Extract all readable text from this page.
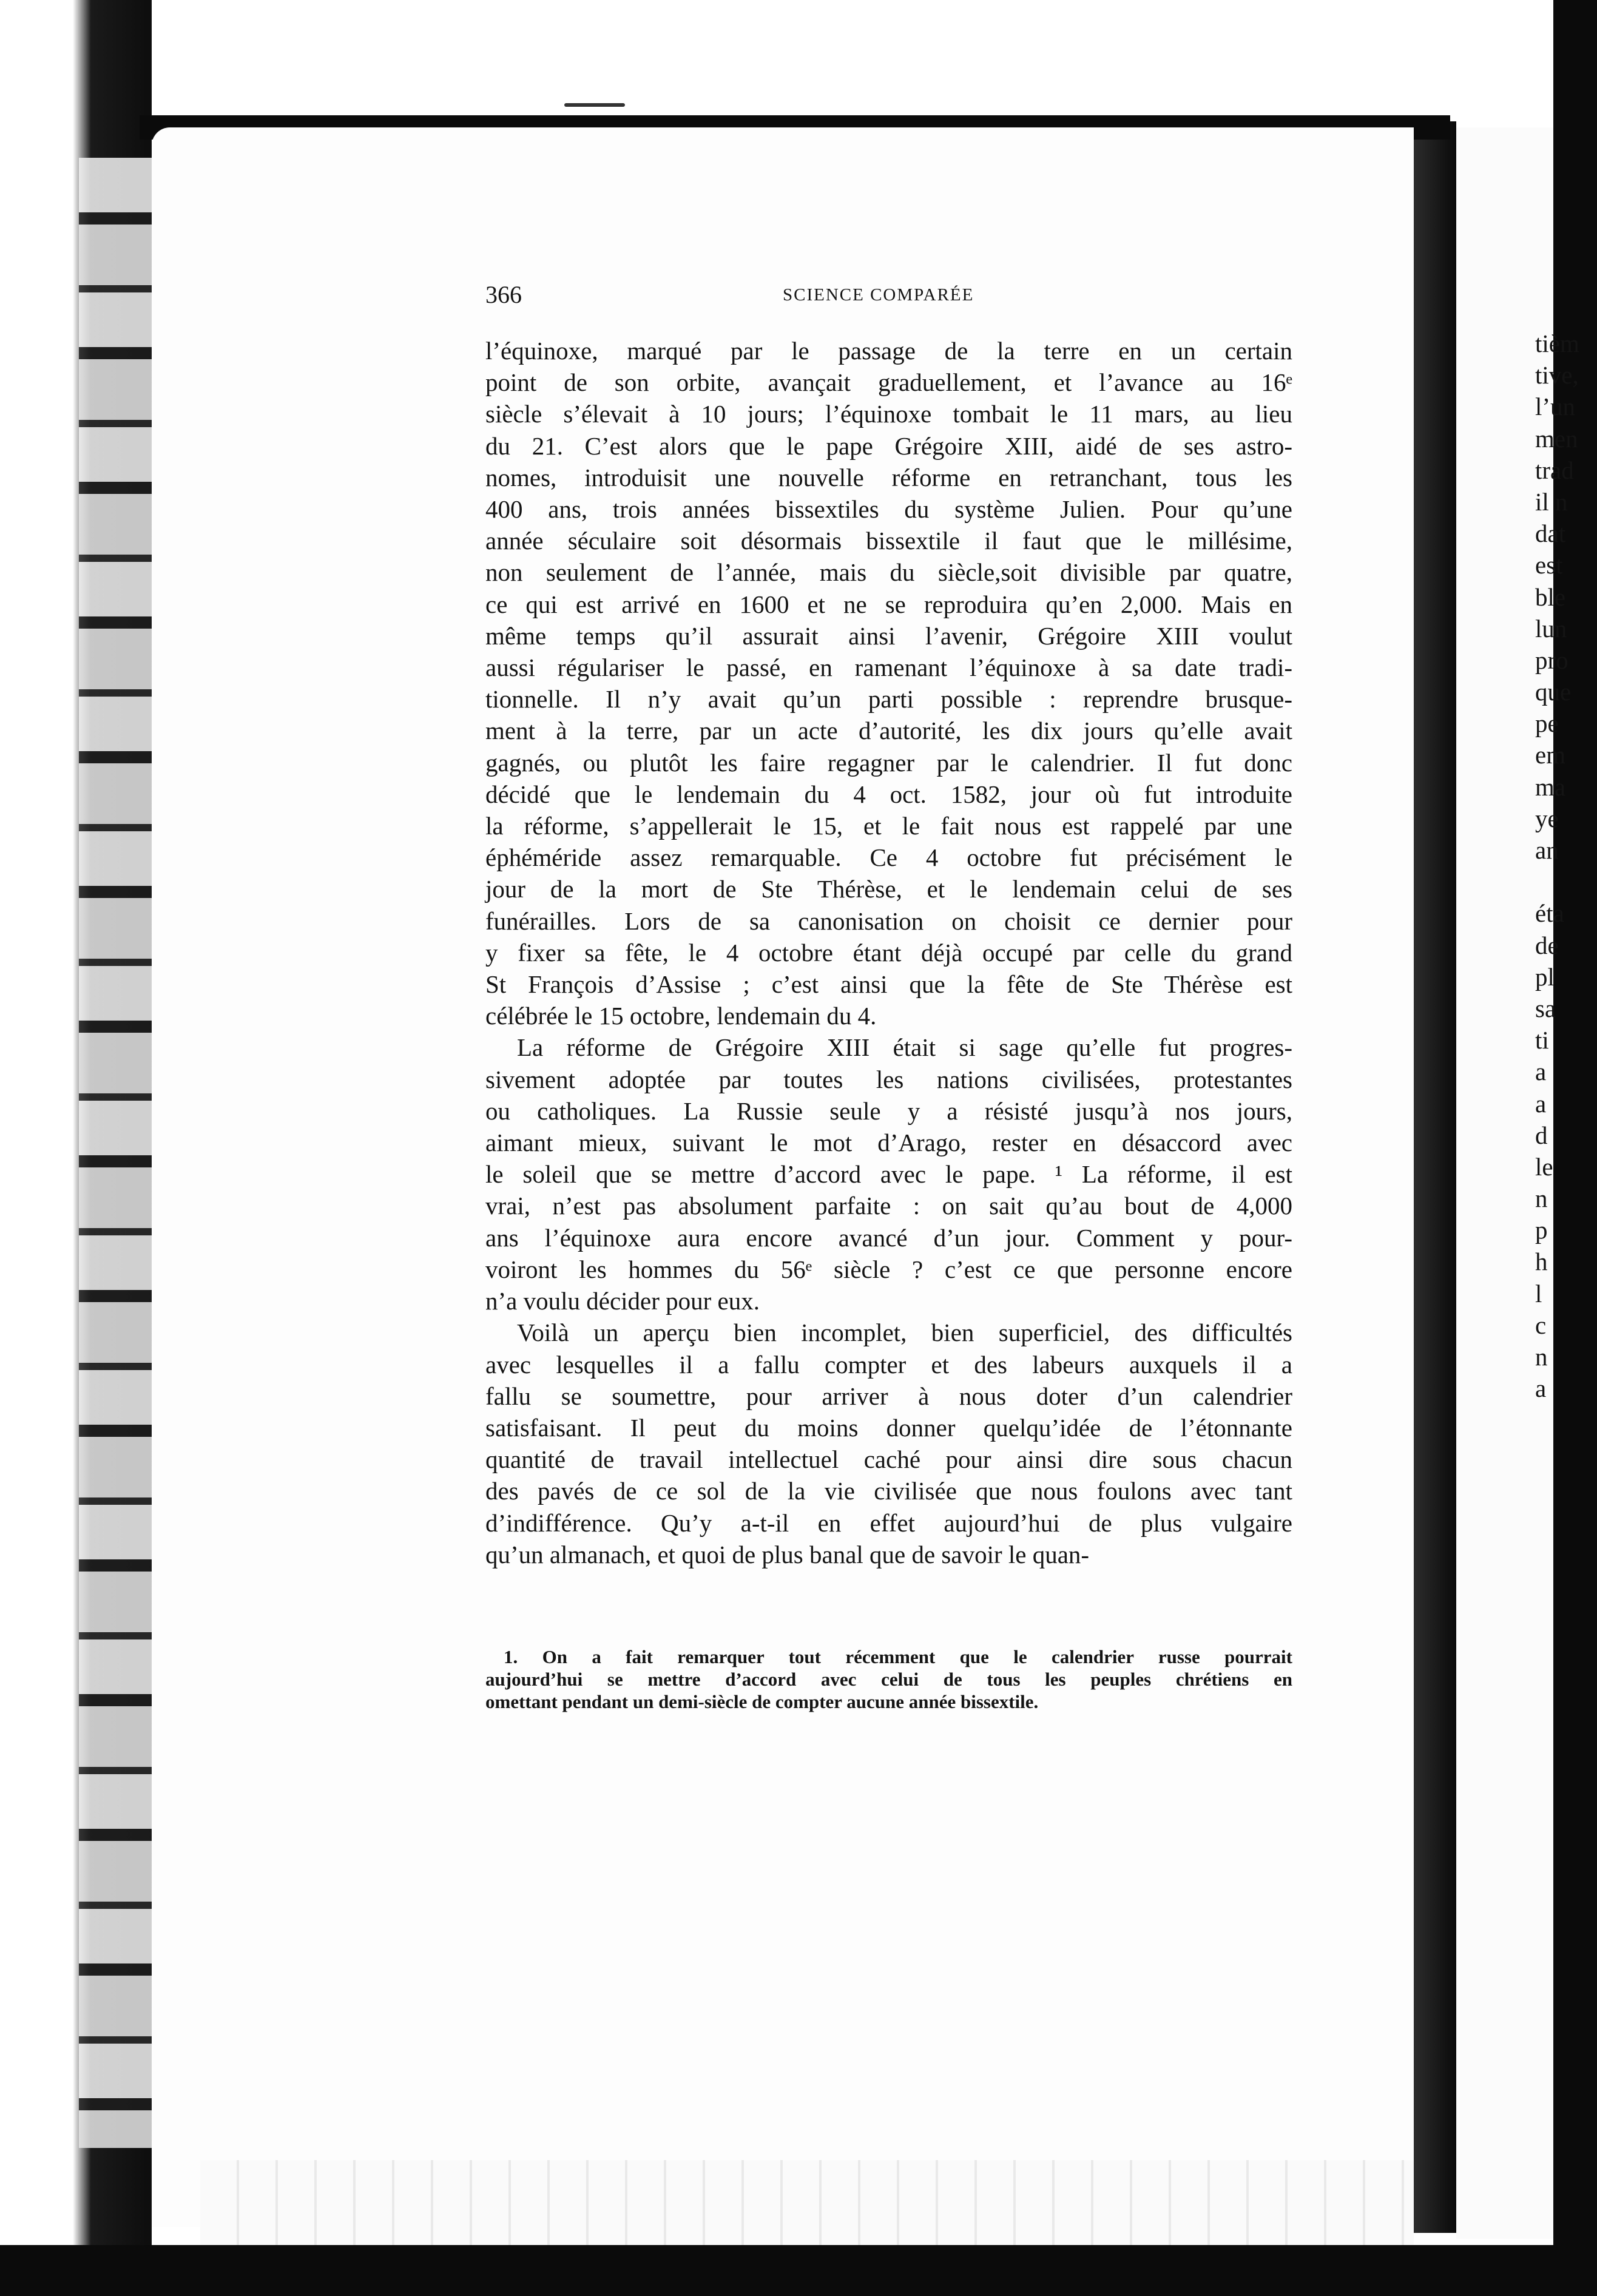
366	SCIENCE COMPARÉE
l’équinoxe, marqué par le passage de la terre en un certain
point de son orbite, avançait graduellement, et l’avance au 16ᵉ
siècle s’élevait à 10 jours; l’équinoxe tombait le 11 mars, au lieu
du 21. C’est alors que le pape Grégoire XIII, aidé de ses astro-
nomes, introduisit une nouvelle réforme en retranchant, tous les
400 ans, trois années bissextiles du système Julien. Pour qu’une
année séculaire soit désormais bissextile il faut que le millésime,
non seulement de l’année, mais du siècle,soit divisible par quatre,
ce qui est arrivé en 1600 et ne se reproduira qu’en 2,000. Mais en
même temps qu’il assurait ainsi l’avenir, Grégoire XIII voulut
aussi régulariser le passé, en ramenant l’équinoxe à sa date tradi-
tionnelle. Il n’y avait qu’un parti possible : reprendre brusque-
ment à la terre, par un acte d’autorité, les dix jours qu’elle avait
gagnés, ou plutôt les faire regagner par le calendrier. Il fut donc
décidé que le lendemain du 4 oct. 1582, jour où fut introduite
la réforme, s’appellerait le 15, et le fait nous est rappelé par une
éphéméride assez remarquable. Ce 4 octobre fut précisément le
jour de la mort de Ste Thérèse, et le lendemain celui de ses
funérailles. Lors de sa canonisation on choisit ce dernier pour
y fixer sa fête, le 4 octobre étant déjà occupé par celle du grand
St François d’Assise ; c’est ainsi que la fête de Ste Thérèse est
célébrée le 15 octobre, lendemain du 4.
La réforme de Grégoire XIII était si sage qu’elle fut progres-
sivement adoptée par toutes les nations civilisées, protestantes
ou catholiques. La Russie seule y a résisté jusqu’à nos jours,
aimant mieux, suivant le mot d’Arago, rester en désaccord avec
le soleil que se mettre d’accord avec le pape. ¹ La réforme, il est
vrai, n’est pas absolument parfaite : on sait qu’au bout de 4,000
ans l’équinoxe aura encore avancé d’un jour. Comment y pour-
voiront les hommes du 56ᵉ siècle ? c’est ce que personne encore
n’a voulu décider pour eux.
Voilà un aperçu bien incomplet, bien superficiel, des difficultés
avec lesquelles il a fallu compter et des labeurs auxquels il a
fallu se soumettre, pour arriver à nous doter d’un calendrier
satisfaisant. Il peut du moins donner quelqu’idée de l’étonnante
quantité de travail intellectuel caché pour ainsi dire sous chacun
des pavés de ce sol de la vie civilisée que nous foulons avec tant
d’indifférence. Qu’y a-t-il en effet aujourd’hui de plus vulgaire
qu’un almanach, et quoi de plus banal que de savoir le quan-
1. On a fait remarquer tout récemment que le calendrier russe pourrait
aujourd’hui se mettre d’accord avec celui de tous les peuples chrétiens en
omettant pendant un demi-siècle de compter aucune année bissextile.
tièm
tive,
l’un
men
trad
il n
dat
est
ble
lun
pro
que
pe
em
ma
ye
an
éta
de
pl
sa
ti
a
a
d
le
n
p
h
l
c
n
a
